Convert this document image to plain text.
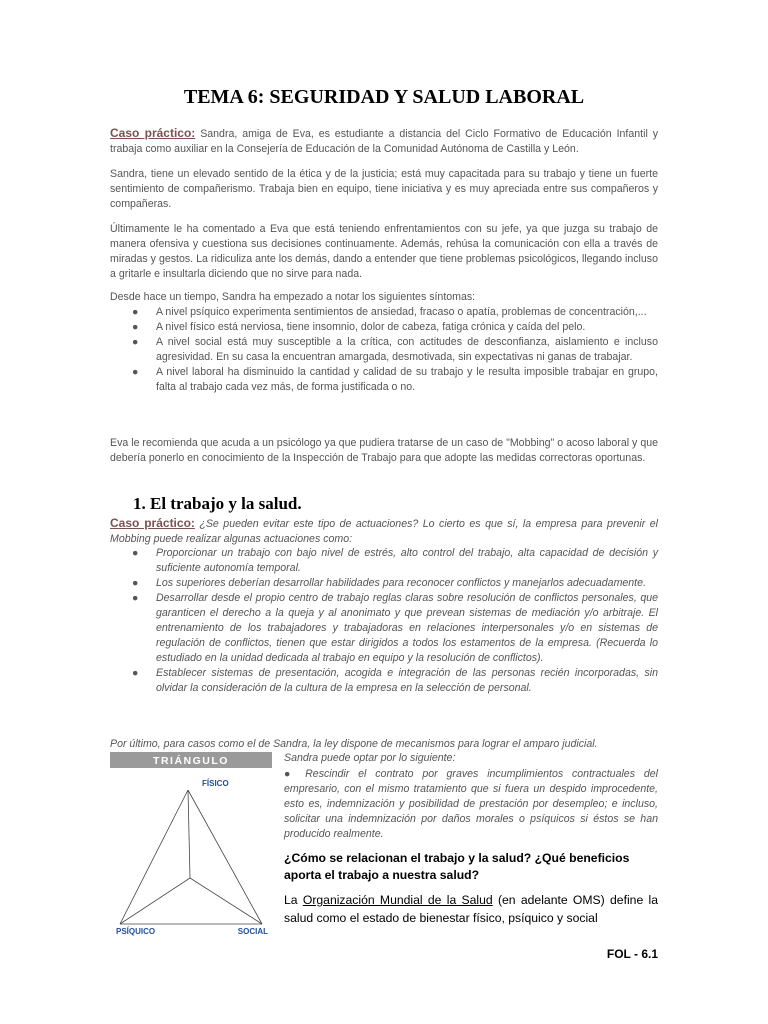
TEMA 6: SEGURIDAD Y SALUD LABORAL

Caso práctico: Sandra, amiga de Eva, es estudiante a distancia del Ciclo Formativo de Educación Infantil y trabaja como auxiliar en la Consejería de Educación de la Comunidad Autónoma de Castilla y León.

Sandra, tiene un elevado sentido de la ética y de la justicia; está muy capacitada para su trabajo y tiene un fuerte sentimiento de compañerismo. Trabaja bien en equipo, tiene iniciativa y es muy apreciada entre sus compañeros y compañeras.

Últimamente le ha comentado a Eva que está teniendo enfrentamientos con su jefe, ya que juzga su trabajo de manera ofensiva y cuestiona sus decisiones continuamente. Además, rehúsa la comunicación con ella a través de miradas y gestos. La ridiculiza ante los demás, dando a entender que tiene problemas psicológicos, llegando incluso a gritarle e insultarla diciendo que no sirve para nada.

Desde hace un tiempo, Sandra ha empezado a notar los siguientes síntomas:

● A nivel psíquico experimenta sentimientos de ansiedad, fracaso o apatía, problemas de concentración,...
● A nivel físico está nerviosa, tiene insomnio, dolor de cabeza, fatiga crónica y caída del pelo.
● A nivel social está muy susceptible a la crítica, con actitudes de desconfianza, aislamiento e incluso agresividad. En su casa la encuentran amargada, desmotivada, sin expectativas ni ganas de trabajar.
● A nivel laboral ha disminuido la cantidad y calidad de su trabajo y le resulta imposible trabajar en grupo, falta al trabajo cada vez más, de forma justificada o no.

Eva le recomienda que acuda a un psicólogo ya que pudiera tratarse de un caso de "Mobbing" o acoso laboral y que debería ponerlo en conocimiento de la Inspección de Trabajo para que adopte las medidas correctoras oportunas.

1. El trabajo y la salud.

Caso práctico: ¿Se pueden evitar este tipo de actuaciones? Lo cierto es que sí, la empresa para prevenir el Mobbing puede realizar algunas actuaciones como:

● Proporcionar un trabajo con bajo nivel de estrés, alto control del trabajo, alta capacidad de decisión y suficiente autonomía temporal.
● Los superiores deberían desarrollar habilidades para reconocer conflictos y manejarlos adecuadamente.
● Desarrollar desde el propio centro de trabajo reglas claras sobre resolución de conflictos personales, que garanticen el derecho a la queja y al anonimato y que prevean sistemas de mediación y/o arbitraje. El entrenamiento de los trabajadores y trabajadoras en relaciones interpersonales y/o en sistemas de regulación de conflictos, tienen que estar dirigidos a todos los estamentos de la empresa. (Recuerda lo estudiado en la unidad dedicada al trabajo en equipo y la resolución de conflictos).
● Establecer sistemas de presentación, acogida e integración de las personas recién incorporadas, sin olvidar la consideración de la cultura de la empresa en la selección de personal.

Por último, para casos como el de Sandra, la ley dispone de mecanismos para lograr el amparo judicial.

TRIÁNGULO
FÍSICO
PSÍQUICO	SOCIAL

Sandra puede optar por lo siguiente:

● Rescindir el contrato por graves incumplimientos contractuales del empresario, con el mismo tratamiento que si fuera un despido improcedente, esto es, indemnización y posibilidad de prestación por desempleo; e incluso, solicitar una indemnización por daños morales o psíquicos si éstos se han producido realmente.

¿Cómo se relacionan el trabajo y la salud? ¿Qué beneficios aporta el trabajo a nuestra salud?

La Organización Mundial de la Salud (en adelante OMS) define la salud como el estado de bienestar físico, psíquico y social

FOL - 6.1
